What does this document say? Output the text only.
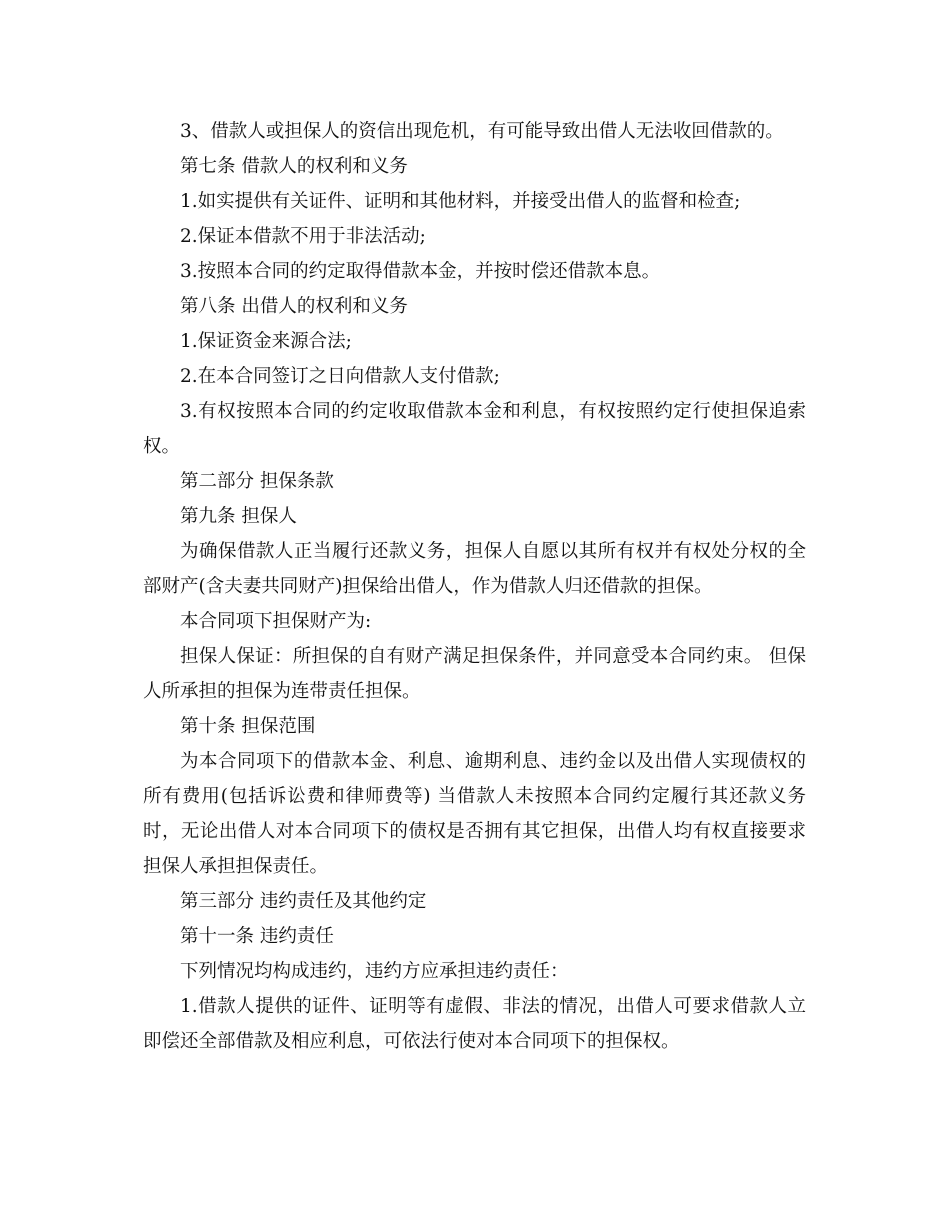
3、借款人或担保人的资信出现危机，有可能导致出借人无法收回借款的。

第七条 借款人的权利和义务

1.如实提供有关证件、证明和其他材料，并接受出借人的监督和检查;

2.保证本借款不用于非法活动;

3.按照本合同的约定取得借款本金，并按时偿还借款本息。

第八条 出借人的权利和义务

1.保证资金来源合法;

2.在本合同签订之日向借款人支付借款;

3.有权按照本合同的约定收取借款本金和利息，有权按照约定行使担保追索权。

第二部分 担保条款

第九条 担保人

为确保借款人正当履行还款义务，担保人自愿以其所有权并有权处分权的全部财产(含夫妻共同财产)担保给出借人，作为借款人归还借款的担保。

本合同项下担保财产为:

担保人保证：所担保的自有财产满足担保条件，并同意受本合同约束。 但保人所承担的担保为连带责任担保。

第十条 担保范围

为本合同项下的借款本金、利息、逾期利息、违约金以及出借人实现债权的所有费用(包括诉讼费和律师费等) 当借款人未按照本合同约定履行其还款义务时，无论出借人对本合同项下的债权是否拥有其它担保，出借人均有权直接要求担保人承担担保责任。

第三部分 违约责任及其他约定

第十一条 违约责任

下列情况均构成违约，违约方应承担违约责任：

1.借款人提供的证件、证明等有虚假、非法的情况，出借人可要求借款人立即偿还全部借款及相应利息，可依法行使对本合同项下的担保权。
